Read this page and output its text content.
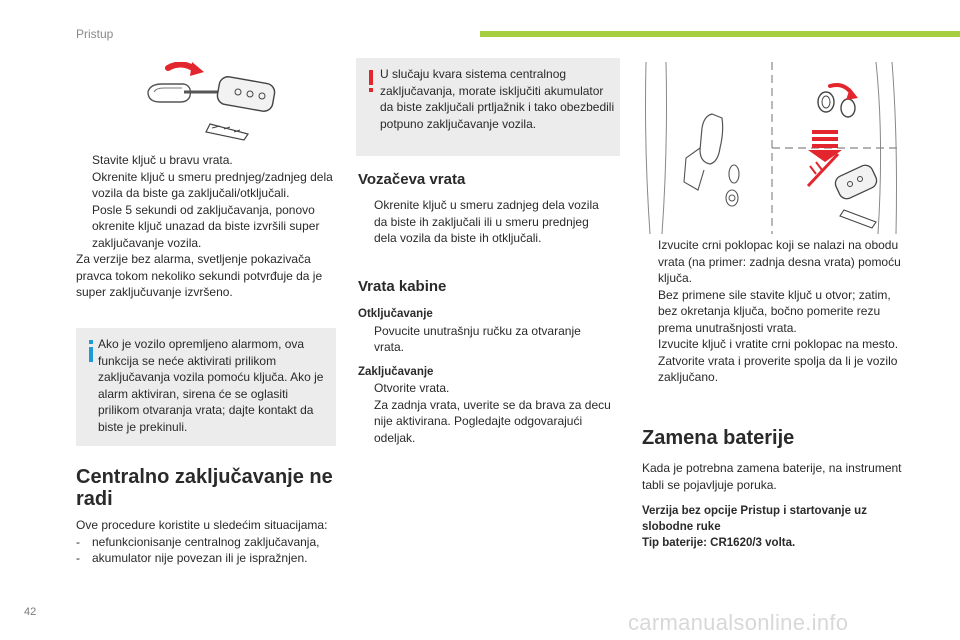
Pristup
Stavite ključ u bravu vrata.
Okrenite ključ u smeru prednjeg/zadnjeg dela vozila da biste ga zaključali/otključali.
Posle 5 sekundi od zaključavanja, ponovo okrenite ključ unazad da biste izvršili super zaključavanje vozila.

Za verzije bez alarma, svetljenje pokazivača pravca tokom nekoliko sekundi potvrđuje da je super zaključuvanje izvršeno.

Ako je vozilo opremljeno alarmom, ova funkcija se neće aktivirati prilikom zaključavanja vozila pomoću ključa. Ako je alarm aktiviran, sirena će se oglasiti prilikom otvaranja vrata; dajte kontakt da biste je prekinuli.
Centralno zaključavanje ne radi

Ove procedure koristite u sledećim situacijama:

- nefunkcionisanje centralnog zaključavanja,
- akumulator nije povezan ili je ispražnjen.
U slučaju kvara sistema centralnog zaključavanja, morate isključiti akumulator da biste zaključali prtljažnik i tako obezbedili potpuno zaključavanje vozila.
Vozačeva vrata
Okrenite ključ u smeru zadnjeg dela vozila da biste ih zaključali ili u smeru prednjeg dela vozila da biste ih otključali.
Vrata kabine
Otključavanje
Povucite unutrašnju ručku za otvaranje vrata.
Zaključavanje
Otvorite vrata.
Za zadnja vrata, uverite se da brava za decu nije aktivirana. Pogledajte odgovarajući odeljak.
Izvucite crni poklopac koji se nalazi na obodu vrata (na primer: zadnja desna vrata) pomoću ključa.
Bez primene sile stavite ključ u otvor; zatim, bez okretanja ključa, bočno pomerite rezu prema unutrašnjosti vrata.
Izvucite ključ i vratite crni poklopac na mesto.
Zatvorite vrata i proverite spolja da li je vozilo zaključano.
Zamena baterije

Kada je potrebna zamena baterije, na instrument tabli se pojavljuje poruka.

Verzija bez opcije Pristup i startovanje uz slobodne ruke

Tip baterije: CR1620/3 volta.

42	carmanualsonline.info
